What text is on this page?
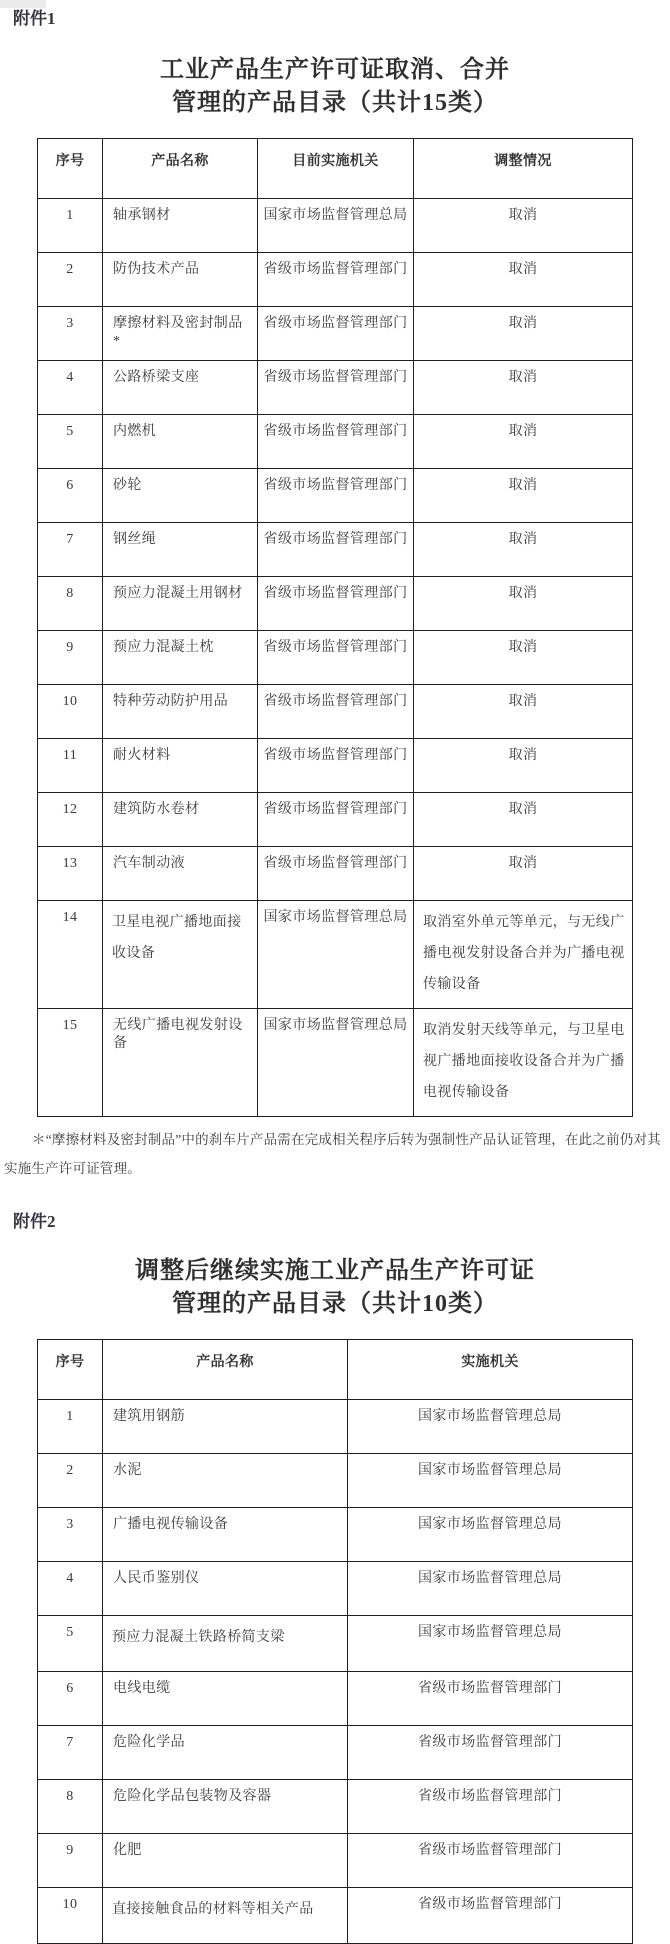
附件1

工业产品生产许可证取消、合并
管理的产品目录（共计15类）
序号	产品名称	目前实施机关	调整情况
1	轴承钢材	国家市场监督管理总局	取消
2	防伪技术产品	省级市场监督管理部门	取消
3	摩擦材料及密封制品*	省级市场监督管理部门	取消
4	公路桥梁支座	省级市场监督管理部门	取消
5	内燃机	省级市场监督管理部门	取消
6	砂轮	省级市场监督管理部门	取消
7	钢丝绳	省级市场监督管理部门	取消
8	预应力混凝土用钢材	省级市场监督管理部门	取消
9	预应力混凝土枕	省级市场监督管理部门	取消
10	特种劳动防护用品	省级市场监督管理部门	取消
11	耐火材料	省级市场监督管理部门	取消
12	建筑防水卷材	省级市场监督管理部门	取消
13	汽车制动液	省级市场监督管理部门	取消
14	卫星电视广播地面接收设备	国家市场监督管理总局	取消室外单元等单元，与无线广播电视发射设备合并为广播电视传输设备
15	无线广播电视发射设备	国家市场监督管理总局	取消发射天线等单元，与卫星电视广播地面接收设备合并为广播电视传输设备

＊“摩擦材料及密封制品”中的刹车片产品需在完成相关程序后转为强制性产品认证管理，在此之前仍对其实施生产许可证管理。

附件2

调整后继续实施工业产品生产许可证
管理的产品目录（共计10类）
序号	产品名称	实施机关
1	建筑用钢筋	国家市场监督管理总局
2	水泥	国家市场监督管理总局
3	广播电视传输设备	国家市场监督管理总局
4	人民币鉴别仪	国家市场监督管理总局
5	预应力混凝土铁路桥简支梁	国家市场监督管理总局
6	电线电缆	省级市场监督管理部门
7	危险化学品	省级市场监督管理部门
8	危险化学品包装物及容器	省级市场监督管理部门
9	化肥	省级市场监督管理部门
10	直接接触食品的材料等相关产品	省级市场监督管理部门
